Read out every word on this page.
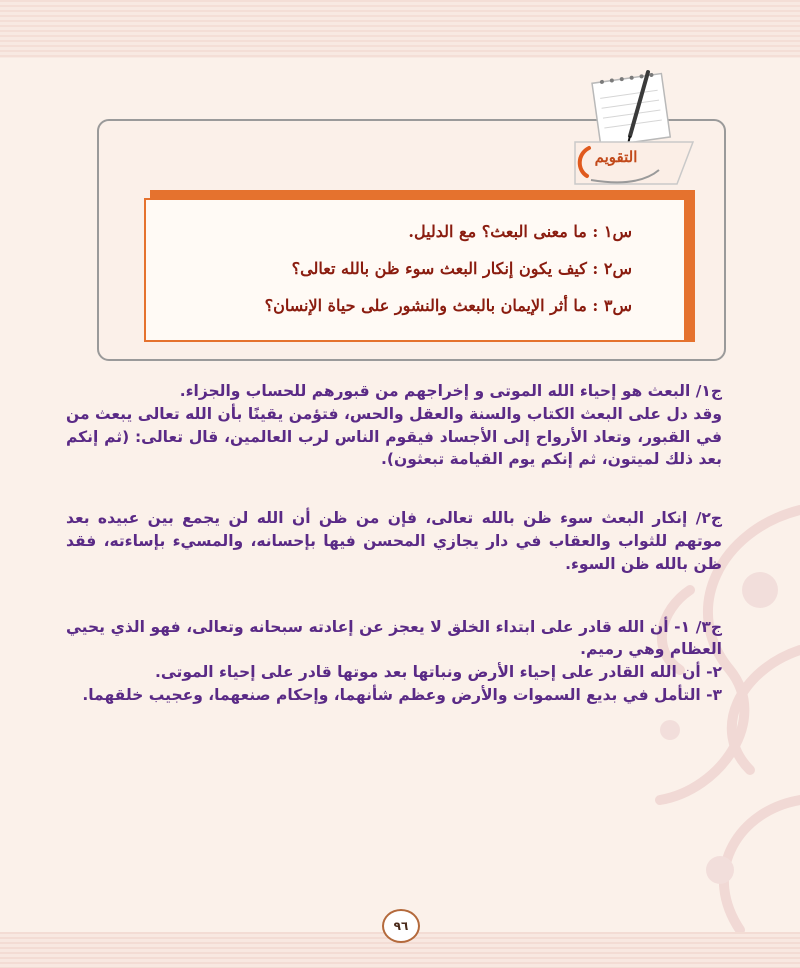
التقويم
س١ : ما معنى البعث؟ مع الدليل.
س٢ : كيف يكون إنكار البعث سوء ظن بالله تعالى؟
س٣ : ما أثر الإيمان بالبعث والنشور على حياة الإنسان؟

ج١/ البعث هو إحياء الله الموتى و إخراجهم من قبورهم للحساب والجزاء.

وقد دل على البعث الكتاب والسنة والعقل والحس، فتؤمن يقينًا بأن الله تعالى يبعث من في القبور، وتعاد الأرواح إلى الأجساد فيقوم الناس لرب العالمين، قال تعالى: (ثم إنكم بعد ذلك لميتون، ثم إنكم يوم القيامة تبعثون).

ج٢/ إنكار البعث سوء ظن بالله تعالى، فإن من ظن أن الله لن يجمع بين عبيده بعد موتهم للثواب والعقاب في دار يجازي المحسن فيها بإحسانه، والمسيء بإساءته، فقد ظن بالله ظن السوء.

ج٣/ ١- أن الله قادر على ابتداء الخلق لا يعجز عن إعادته سبحانه وتعالى، فهو الذي يحيي العظام وهي رميم.

٢- أن الله القادر على إحياء الأرض ونباتها بعد موتها قادر على إحياء الموتى.

٣- التأمل في بديع السموات والأرض وعظم شأنهما، وإحكام صنعهما، وعجيب خلقهما.

٩٦
